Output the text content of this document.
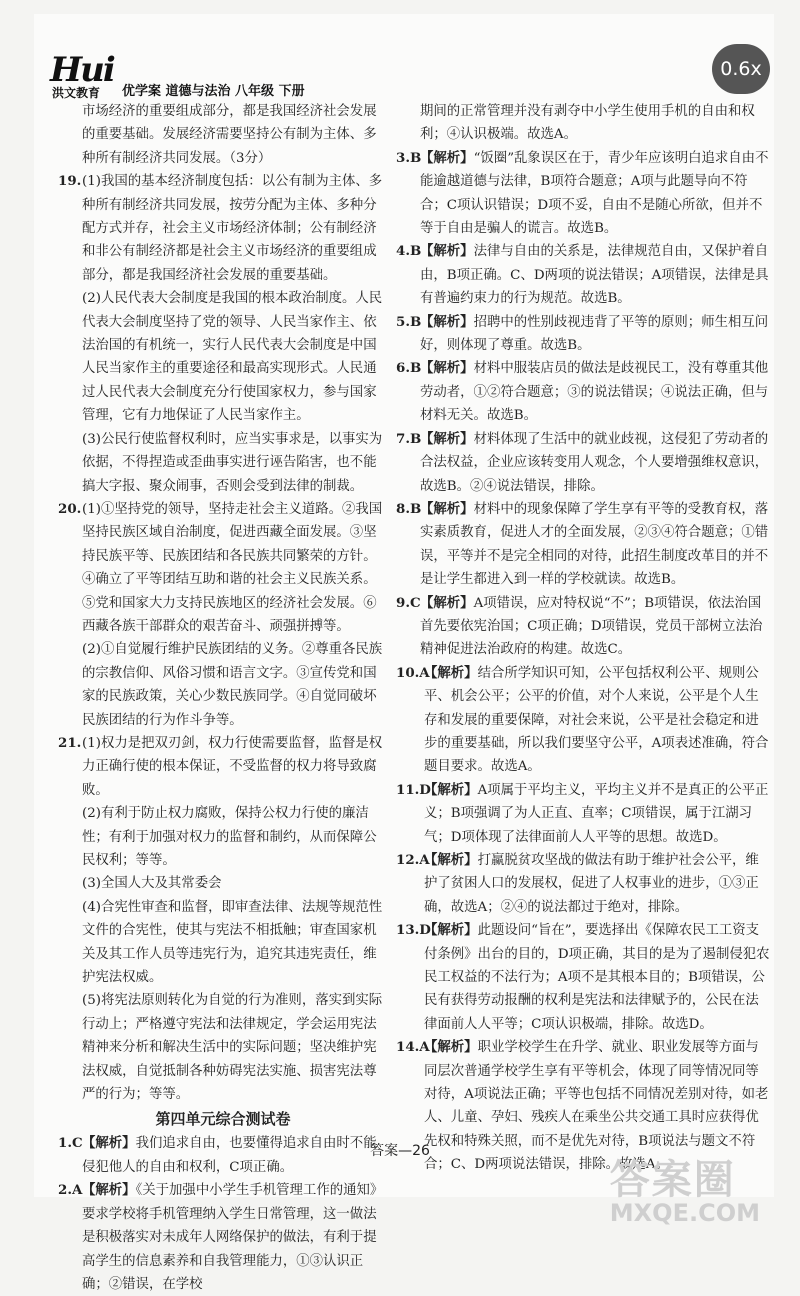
Hui
洪文教育 优学案 道德与法治 八年级 下册
0.6x
市场经济的重要组成部分，都是我国经济社会发展的重要基础。发展经济需要坚持公有制为主体、多种所有制经济共同发展。（3分）
19. (1)我国的基本经济制度包括：以公有制为主体、多种所有制经济共同发展，按劳分配为主体、多种分配方式并存，社会主义市场经济体制；公有制经济和非公有制经济都是社会主义市场经济的重要组成部分，都是我国经济社会发展的重要基础。
(2)人民代表大会制度是我国的根本政治制度。人民代表大会制度坚持了党的领导、人民当家作主、依法治国的有机统一，实行人民代表大会制度是中国人民当家作主的重要途径和最高实现形式。人民通过人民代表大会制度充分行使国家权力，参与国家管理，它有力地保证了人民当家作主。
(3)公民行使监督权利时，应当实事求是，以事实为依据，不得捏造或歪曲事实进行诬告陷害，也不能搞大字报、聚众闹事，否则会受到法律的制裁。
20. (1)①坚持党的领导，坚持走社会主义道路。②我国坚持民族区域自治制度，促进西藏全面发展。③坚持民族平等、民族团结和各民族共同繁荣的方针。④确立了平等团结互助和谐的社会主义民族关系。⑤党和国家大力支持民族地区的经济社会发展。⑥西藏各族干部群众的艰苦奋斗、顽强拼搏等。
(2)①自觉履行维护民族团结的义务。②尊重各民族的宗教信仰、风俗习惯和语言文字。③宣传党和国家的民族政策，关心少数民族同学。④自觉同破坏民族团结的行为作斗争等。
21. (1)权力是把双刃剑，权力行使需要监督，监督是权力正确行使的根本保证，不受监督的权力将导致腐败。
(2)有利于防止权力腐败，保持公权力行使的廉洁性；有利于加强对权力的监督和制约，从而保障公民权利；等等。
(3)全国人大及其常委会
(4)合宪性审查和监督，即审查法律、法规等规范性文件的合宪性，使其与宪法不相抵触；审查国家机关及其工作人员等违宪行为，追究其违宪责任，维护宪法权威。
(5)将宪法原则转化为自觉的行为准则，落实到实际行动上；严格遵守宪法和法律规定，学会运用宪法精神来分析和解决生活中的实际问题；坚决维护宪法权威，自觉抵制各种妨碍宪法实施、损害宪法尊严的行为；等等。
第四单元综合测试卷
1.C 【解析】我们追求自由，也要懂得追求自由时不能侵犯他人的自由和权利，C项正确。
2.A 【解析】《关于加强中小学生手机管理工作的通知》要求学校将手机管理纳入学生日常管理，这一做法是积极落实对未成年人网络保护的做法，有利于提高学生的信息素养和自我管理能力，①③认识正确；②错误，在学校
期间的正常管理并没有剥夺中小学生使用手机的自由和权利；④认识极端。故选A。
3.B
【解析】“饭圈”乱象误区在于，青少年应该明白追求自由不能逾越道德与法律，B项符合题意；A项与此题导向不符合；C项认识错误；D项不妥，自由不是随心所欲，但并不等于自由是骗人的谎言。故选B。
4.B
【解析】法律与自由的关系是，法律规范自由，又保护着自由，B项正确。C、D两项的说法错误；A项错误，法律是具有普遍约束力的行为规范。故选B。
5.B
【解析】招聘中的性别歧视违背了平等的原则；师生相互问好，则体现了尊重。故选B。
6.B
【解析】材料中服装店员的做法是歧视民工，没有尊重其他劳动者，①②符合题意；③的说法错误；④说法正确，但与材料无关。故选B。
7.B
【解析】材料体现了生活中的就业歧视，这侵犯了劳动者的合法权益，企业应该转变用人观念，个人要增强维权意识，故选B。②④说法错误，排除。
8.B
【解析】材料中的现象保障了学生享有平等的受教育权，落实素质教育，促进人才的全面发展，②③④符合题意；①错误，平等并不是完全相同的对待，此招生制度改革目的并不是让学生都进入到一样的学校就读。故选B。
9.C 【解析】A项错误，应对特权说“不”；B项错误，依法治国首先要依宪治国；C项正确；D项错误，党员干部树立法治精神促进法治政府的构建。故选C。
10.A
【解析】结合所学知识可知，公平包括权利公平、规则公平、机会公平；公平的价值，对个人来说，公平是个人生存和发展的重要保障，对社会来说，公平是社会稳定和进步的重要基础，所以我们要坚守公平，A项表述准确，符合题目要求。故选A。
11.D
【解析】A项属于平均主义，平均主义并不是真正的公平正义；B项强调了为人正直、直率；C项错误，属于江湖习气；D项体现了法律面前人人平等的思想。故选D。
12.A
【解析】打赢脱贫攻坚战的做法有助于维护社会公平，维护了贫困人口的发展权，促进了人权事业的进步，①③正确，故选A；②④的说法都过于绝对，排除。
13.D
【解析】此题设问“旨在”，要选择出《保障农民工工资支付条例》出台的目的，D项正确，其目的是为了遏制侵犯农民工权益的不法行为；A项不是其根本目的；B项错误，公民有获得劳动报酬的权利是宪法和法律赋予的，公民在法律面前人人平等；C项认识极端，排除。故选D。
14.A
【解析】职业学校学生在升学、就业、职业发展等方面与同层次普通学校学生享有平等机会，体现了同等情况同等对待，A项说法正确；平等也包括不同情况差别对待，如老人、儿童、孕妇、残疾人在乘坐公共交通工具时应获得优先权和特殊关照，而不是优先对待，B项说法与题文不符合；C、D两项说法错误，排除。故选A。
答案—26
答案圈
MXQE.COM
